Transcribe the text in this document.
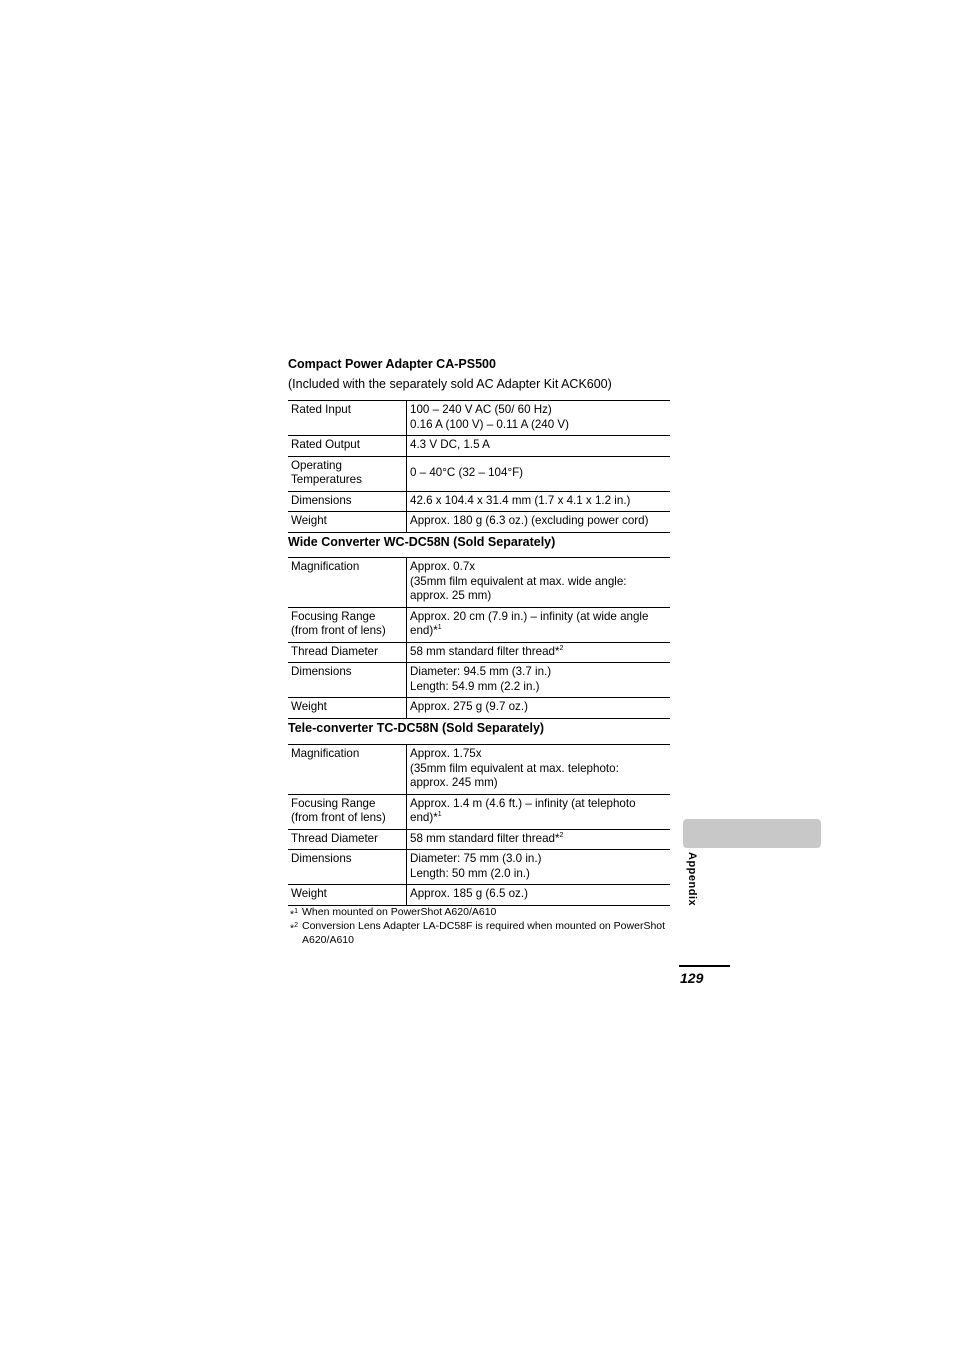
Compact Power Adapter CA-PS500

(Included with the separately sold AC Adapter Kit ACK600)

Rated Input	100 – 240 V AC (50/ 60 Hz)
0.16 A (100 V) – 0.11 A (240 V)

Rated Output	4.3 V DC, 1.5 A

Operating
Temperatures	0 – 40°C (32 – 104°F)

Dimensions	42.6 x 104.4 x 31.4 mm (1.7 x 4.1 x 1.2 in.)

Weight	Approx. 180 g (6.3 oz.) (excluding power cord)

Wide Converter WC-DC58N (Sold Separately)

Magnification	Approx. 0.7x
(35mm film equivalent at max. wide angle:
approx. 25 mm)

Focusing Range
(from front of lens)	Approx. 20 cm (7.9 in.) – infinity (at wide angle
end)*$^1$

Thread Diameter	58 mm standard filter thread*$^2$

Dimensions	Diameter: 94.5 mm (3.7 in.)
Length: 54.9 mm (2.2 in.)

Weight	Approx. 275 g (9.7 oz.)

Tele-converter TC-DC58N (Sold Separately)

Magnification	Approx. 1.75x
(35mm film equivalent at max. telephoto:
approx. 245 mm)

Focusing Range
(from front of lens)	Approx. 1.4 m (4.6 ft.) – infinity (at telephoto
end)*$^1$

Thread Diameter	58 mm standard filter thread*$^2$

Dimensions	Diameter: 75 mm (3.0 in.)
Length: 50 mm (2.0 in.)

Weight	Approx. 185 g (6.5 oz.)
*$^1$ When mounted on PowerShot A620/A610
*$^2$ Conversion Lens Adapter LA-DC58F is required when mounted on PowerShot A620/A610
Appendix
129
